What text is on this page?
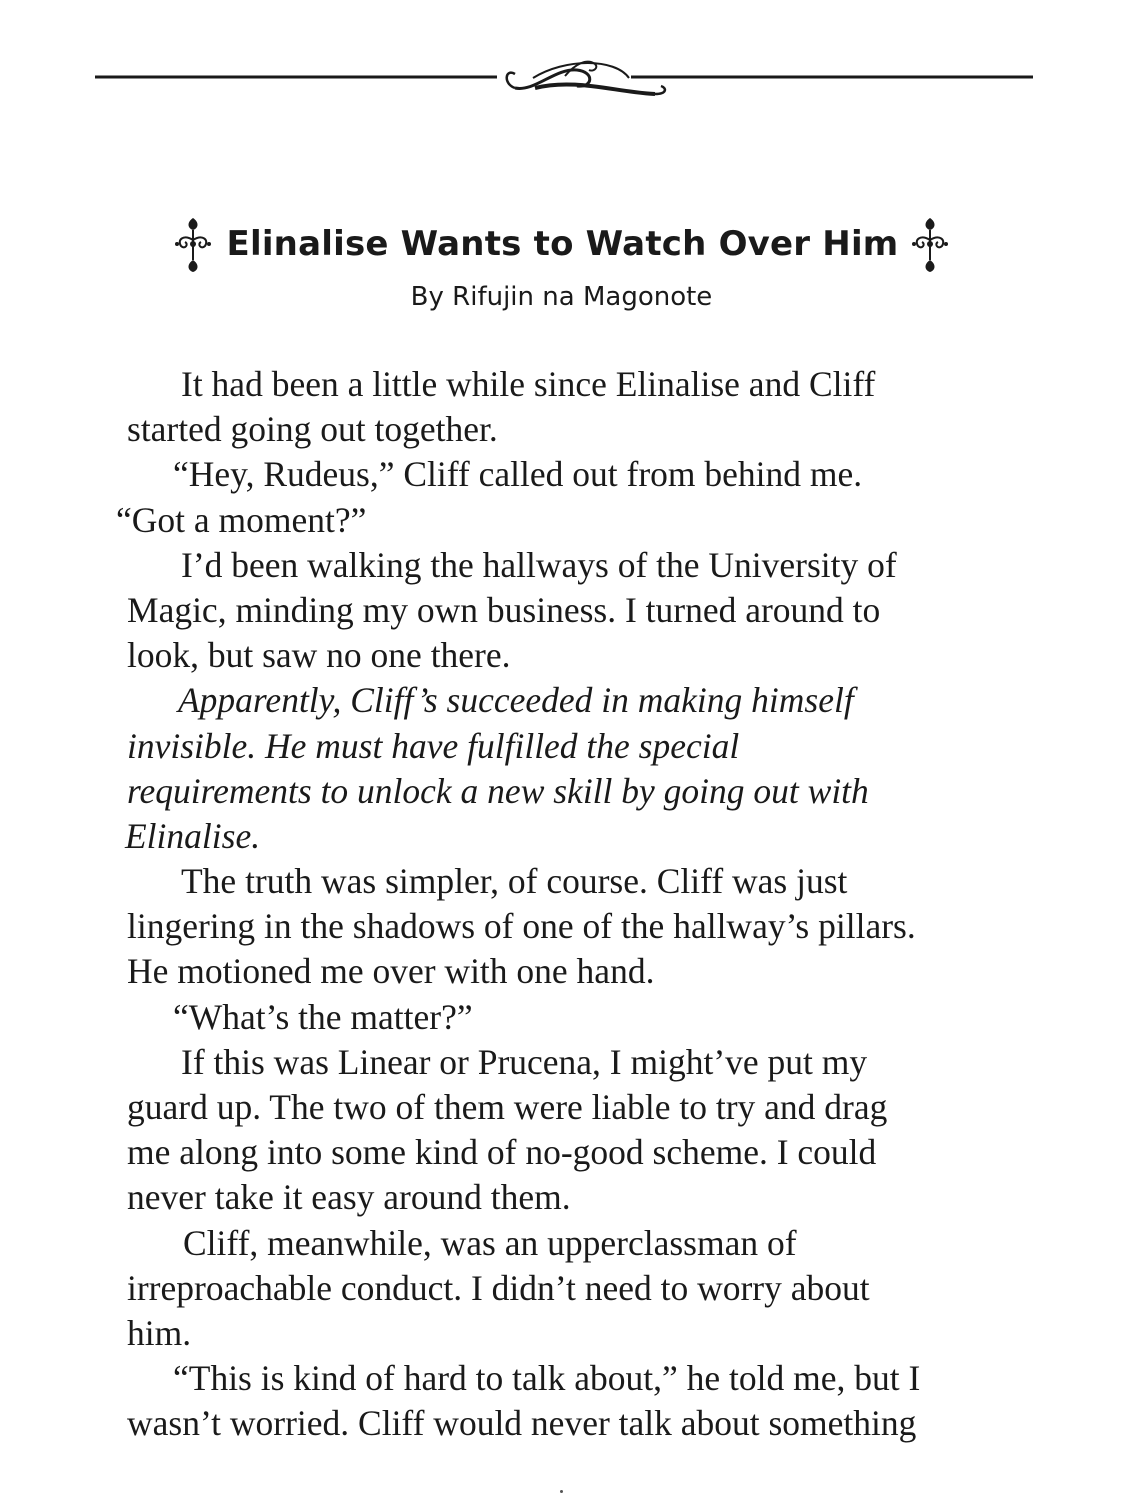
Elinalise Wants to Watch Over Him

By Rifujin na Magonote

It had been a little while since Elinalise and Cliff
started going out together.
“Hey, Rudeus,” Cliff called out from behind me.
“Got a moment?”
I’d been walking the hallways of the University of
Magic, minding my own business. I turned around to
look, but saw no one there.
Apparently, Cliff’s succeeded in making himself
invisible. He must have fulfilled the special
requirements to unlock a new skill by going out with
Elinalise.
The truth was simpler, of course. Cliff was just
lingering in the shadows of one of the hallway’s pillars.
He motioned me over with one hand.
“What’s the matter?”
If this was Linear or Prucena, I might’ve put my
guard up. The two of them were liable to try and drag
me along into some kind of no-good scheme. I could
never take it easy around them.
Cliff, meanwhile, was an upperclassman of
irreproachable conduct. I didn’t need to worry about
him.
“This is kind of hard to talk about,” he told me, but I
wasn’t worried. Cliff would never talk about something
